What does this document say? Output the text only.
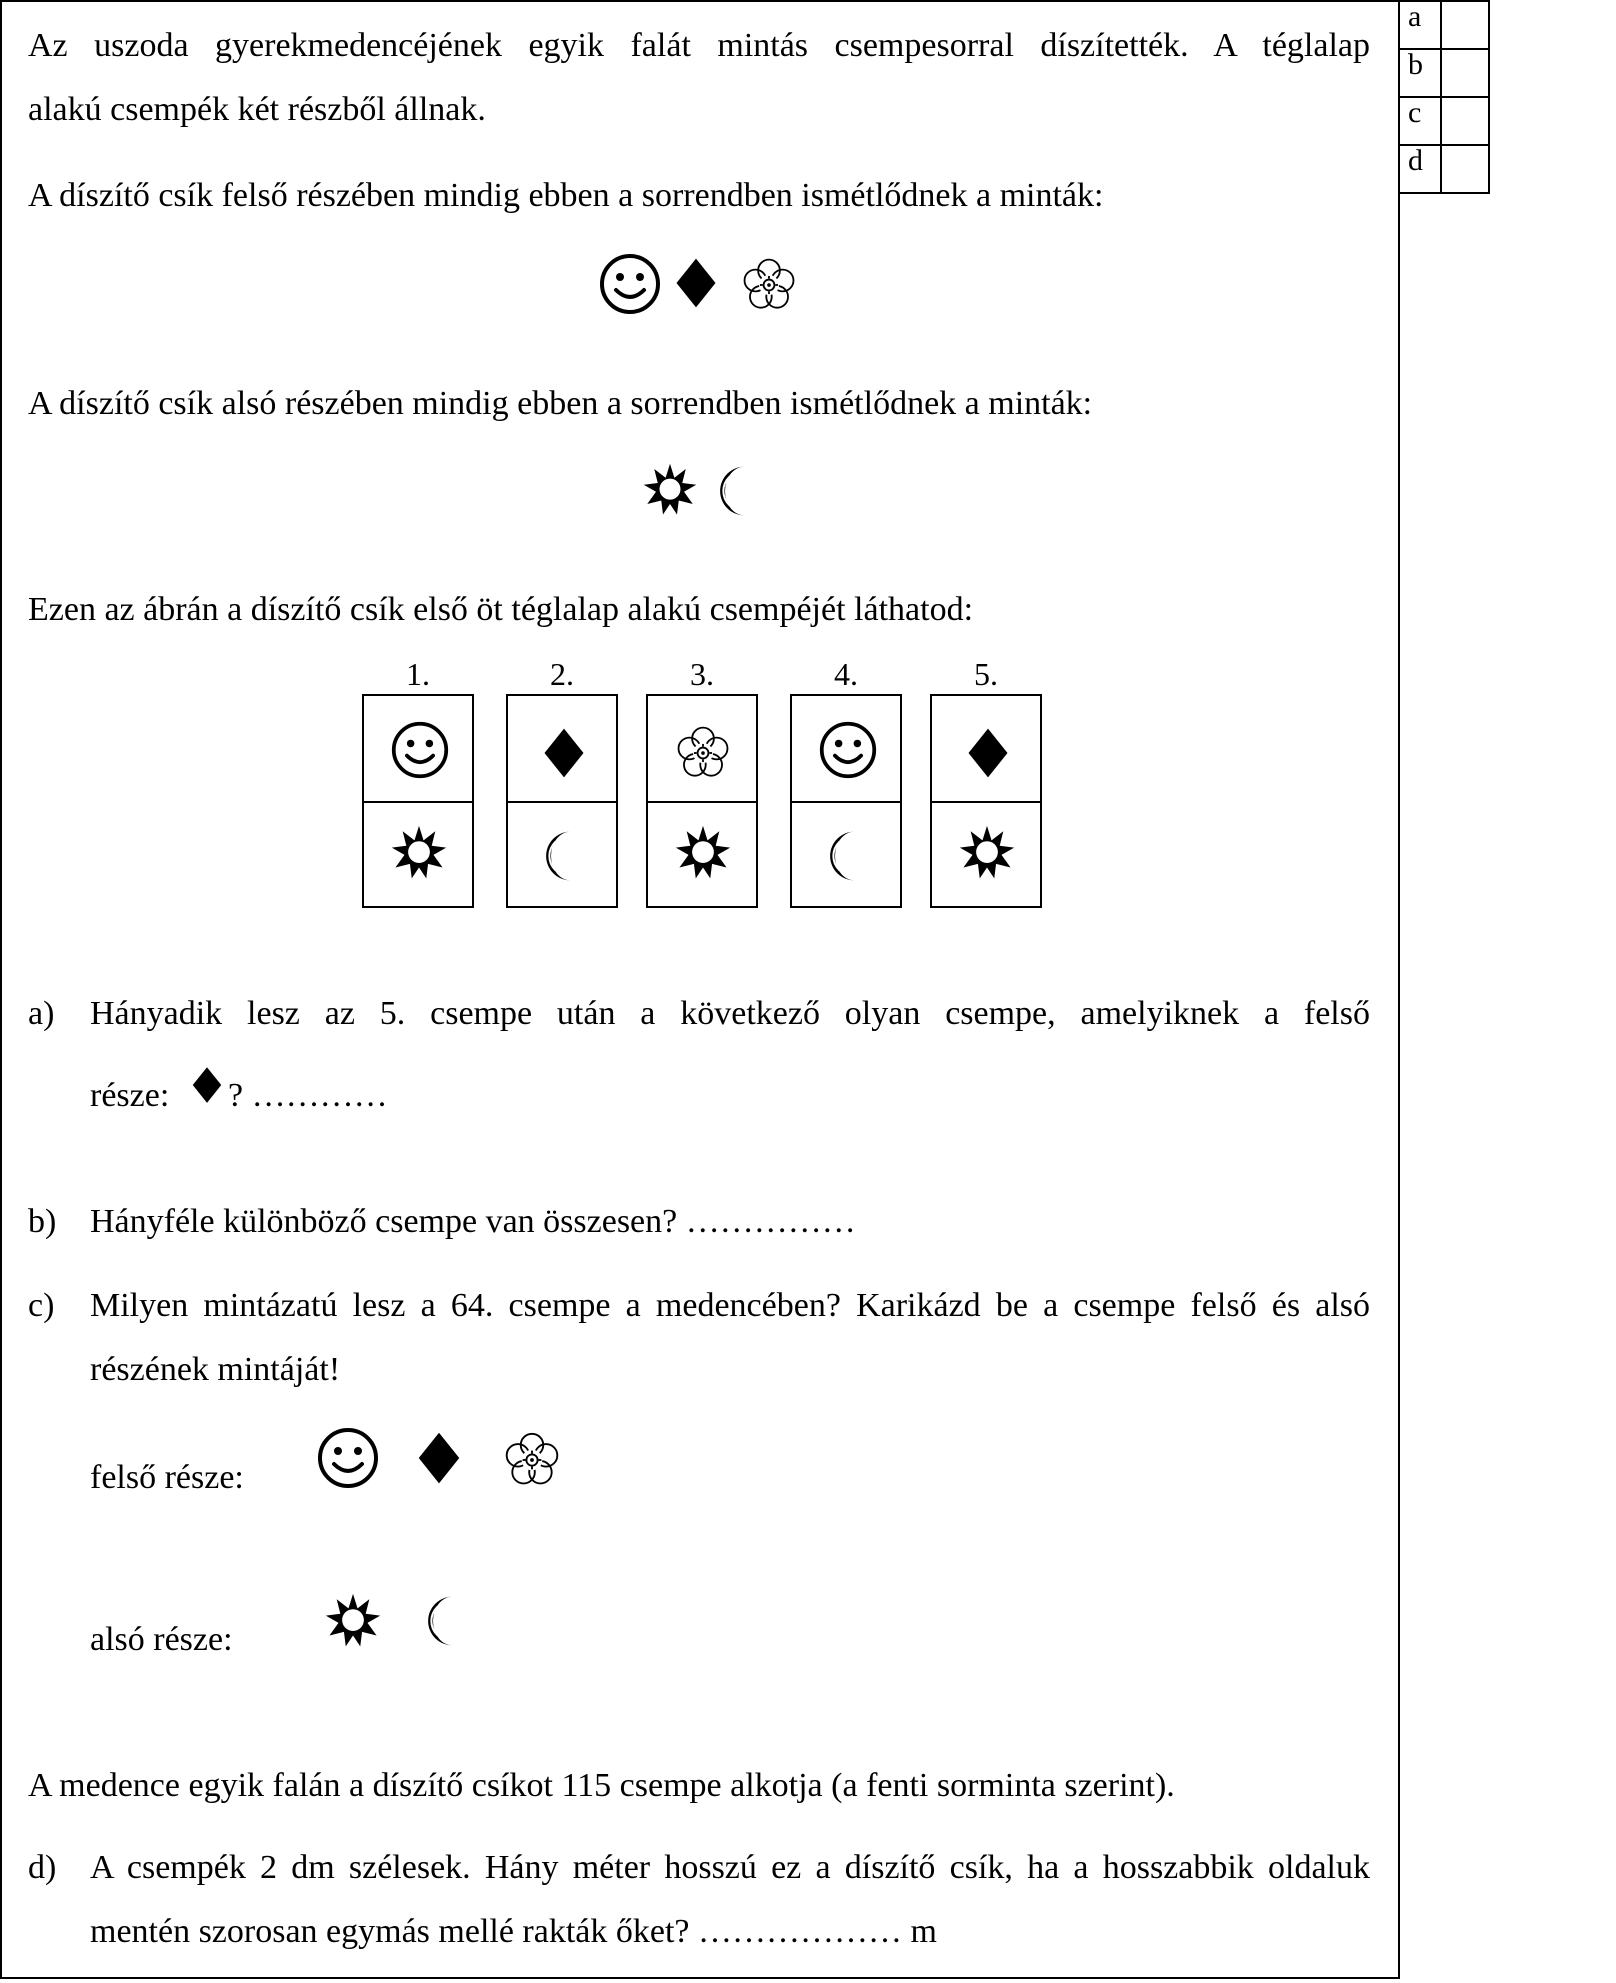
a	
b	
c	
d	
Az uszoda gyerekmedencéjének egyik falát mintás csempesorral díszítették. A téglalap
alakú csempék két részből állnak.
A díszítő csík felső részében mindig ebben a sorrendben ismétlődnek a minták:
A díszítő csík alsó részében mindig ebben a sorrendben ismétlődnek a minták:
Ezen az ábrán a díszítő csík első öt téglalap alakú csempéjét láthatod:
1.	2.	3.	4.	5.
a) Hányadik lesz az 5. csempe után a következő olyan csempe, amelyiknek a felső
része: ? …………
b) Hányféle különböző csempe van összesen? ……………
c) Milyen mintázatú lesz a 64. csempe a medencében? Karikázd be a csempe felső és alsó
részének mintáját!
felső része:
alsó része:
A medence egyik falán a díszítő csíkot 115 csempe alkotja (a fenti sorminta szerint).
d) A csempék 2 dm szélesek. Hány méter hosszú ez a díszítő csík, ha a hosszabbik oldaluk
mentén szorosan egymás mellé rakták őket? ……………… m
